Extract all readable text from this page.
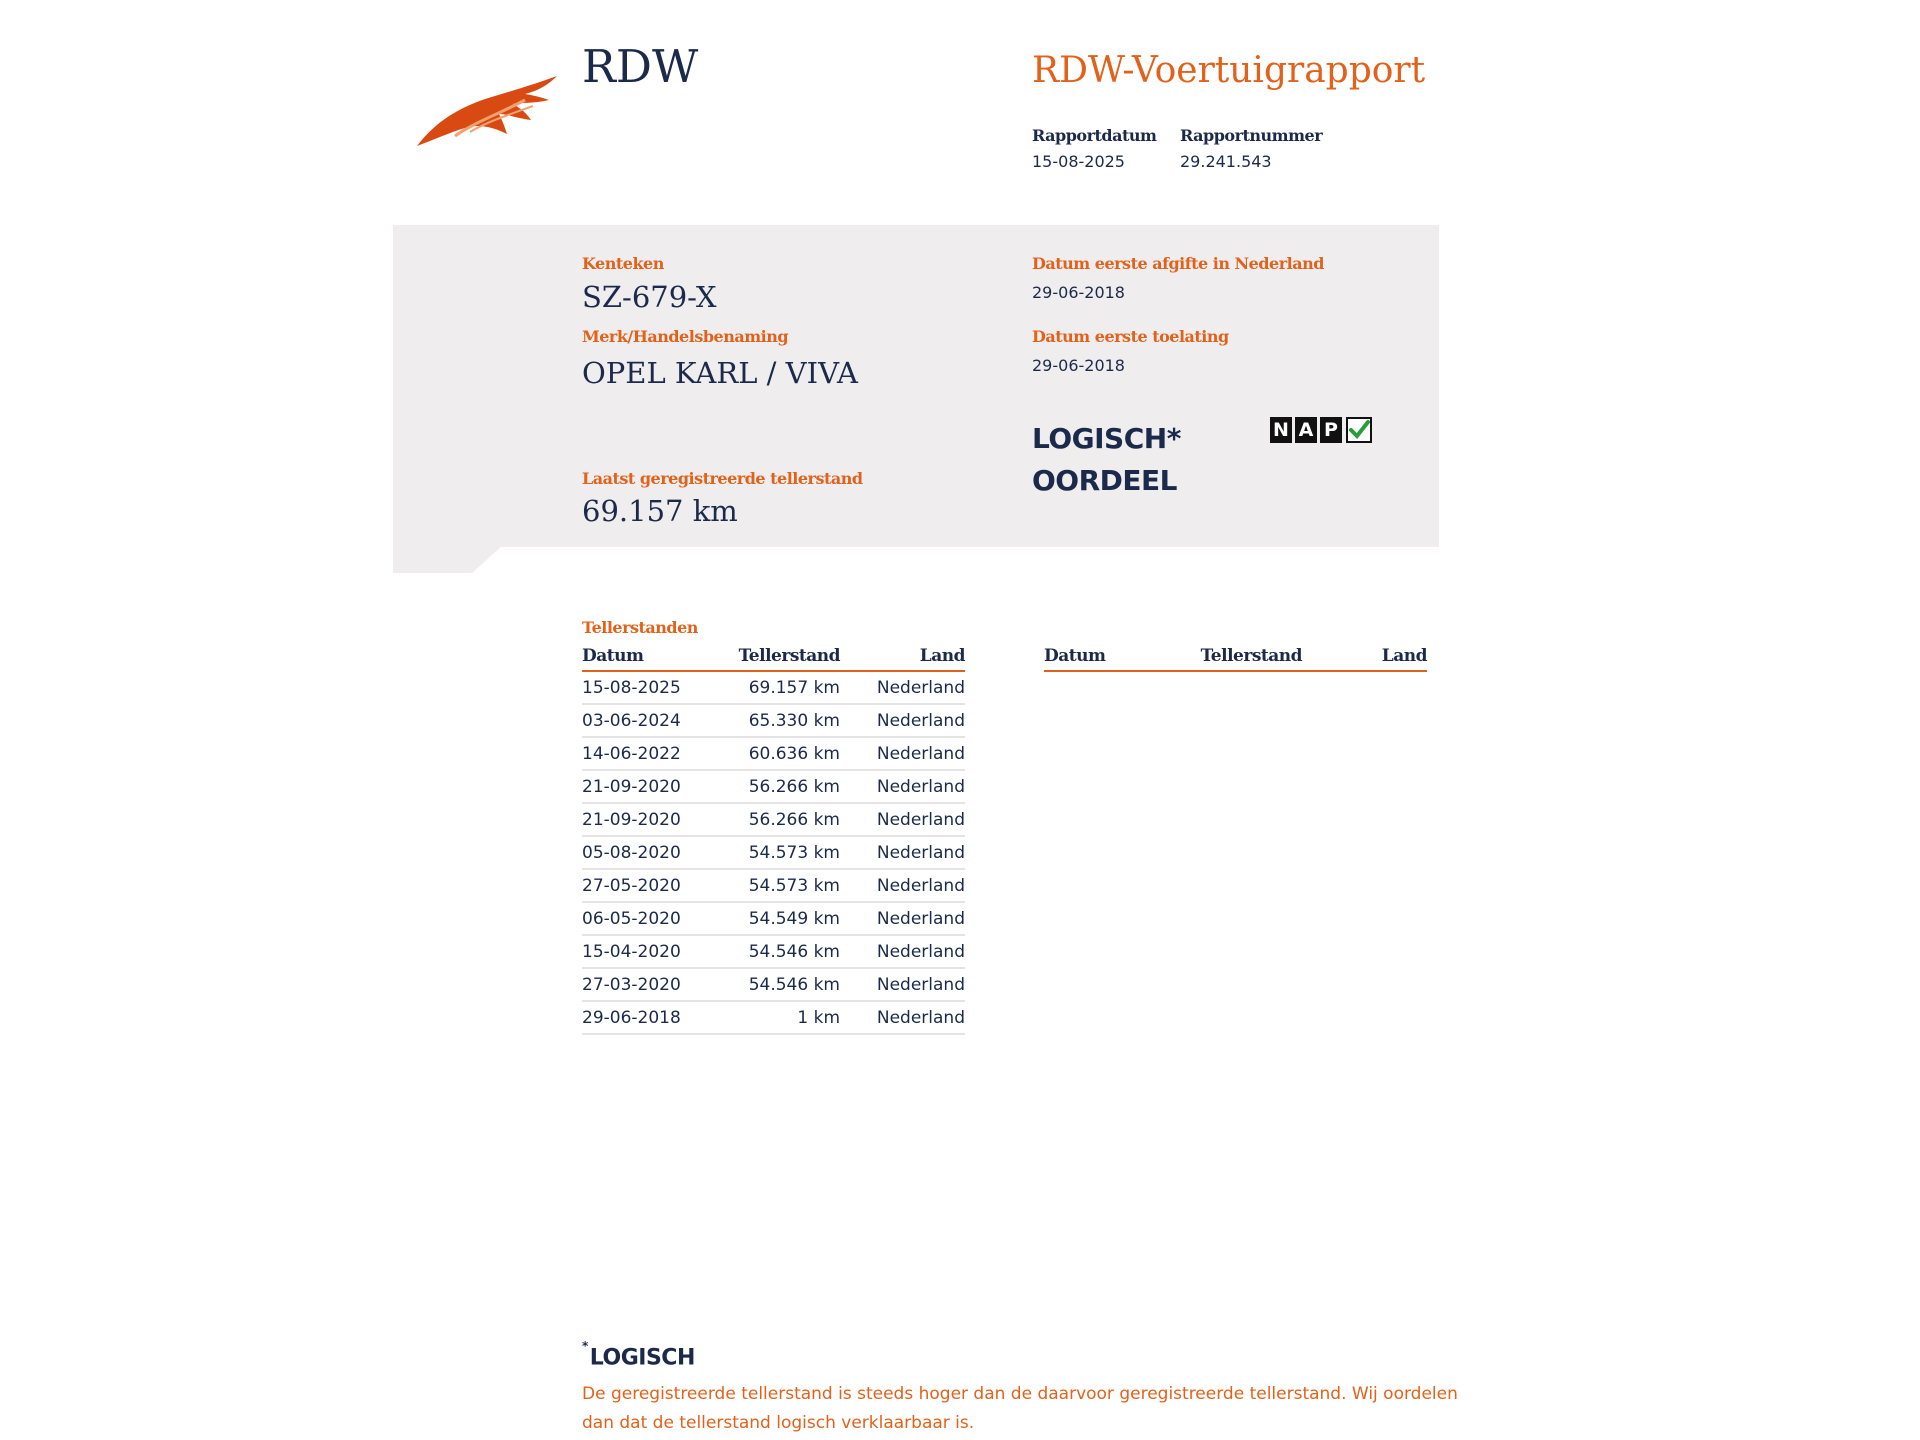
RDW	RDW-Voertuigrapport
Rapportdatum
15-08-2025
Rapportnummer
29.241.543
Kenteken
SZ-679-X
Merk/Handelsbenaming
OPEL KARL / VIVA
Laatst geregistreerde tellerstand
69.157 km
Datum eerste afgifte in Nederland
29-06-2018
Datum eerste toelating
29-06-2018
LOGISCH*
OORDEEL
N A P
Tellerstanden
Datum	Tellerstand	Land
15-08-2025	69.157 km	Nederland
03-06-2024	65.330 km	Nederland
14-06-2022	60.636 km	Nederland
21-09-2020	56.266 km	Nederland
21-09-2020	56.266 km	Nederland
05-08-2020	54.573 km	Nederland
27-05-2020	54.573 km	Nederland
06-05-2020	54.549 km	Nederland
15-04-2020	54.546 km	Nederland
27-03-2020	54.546 km	Nederland
29-06-2018	1 km	Nederland
Datum	Tellerstand	Land
*LOGISCH
De geregistreerde tellerstand is steeds hoger dan de daarvoor geregistreerde tellerstand. Wij oordelen dan dat de tellerstand logisch verklaarbaar is.
